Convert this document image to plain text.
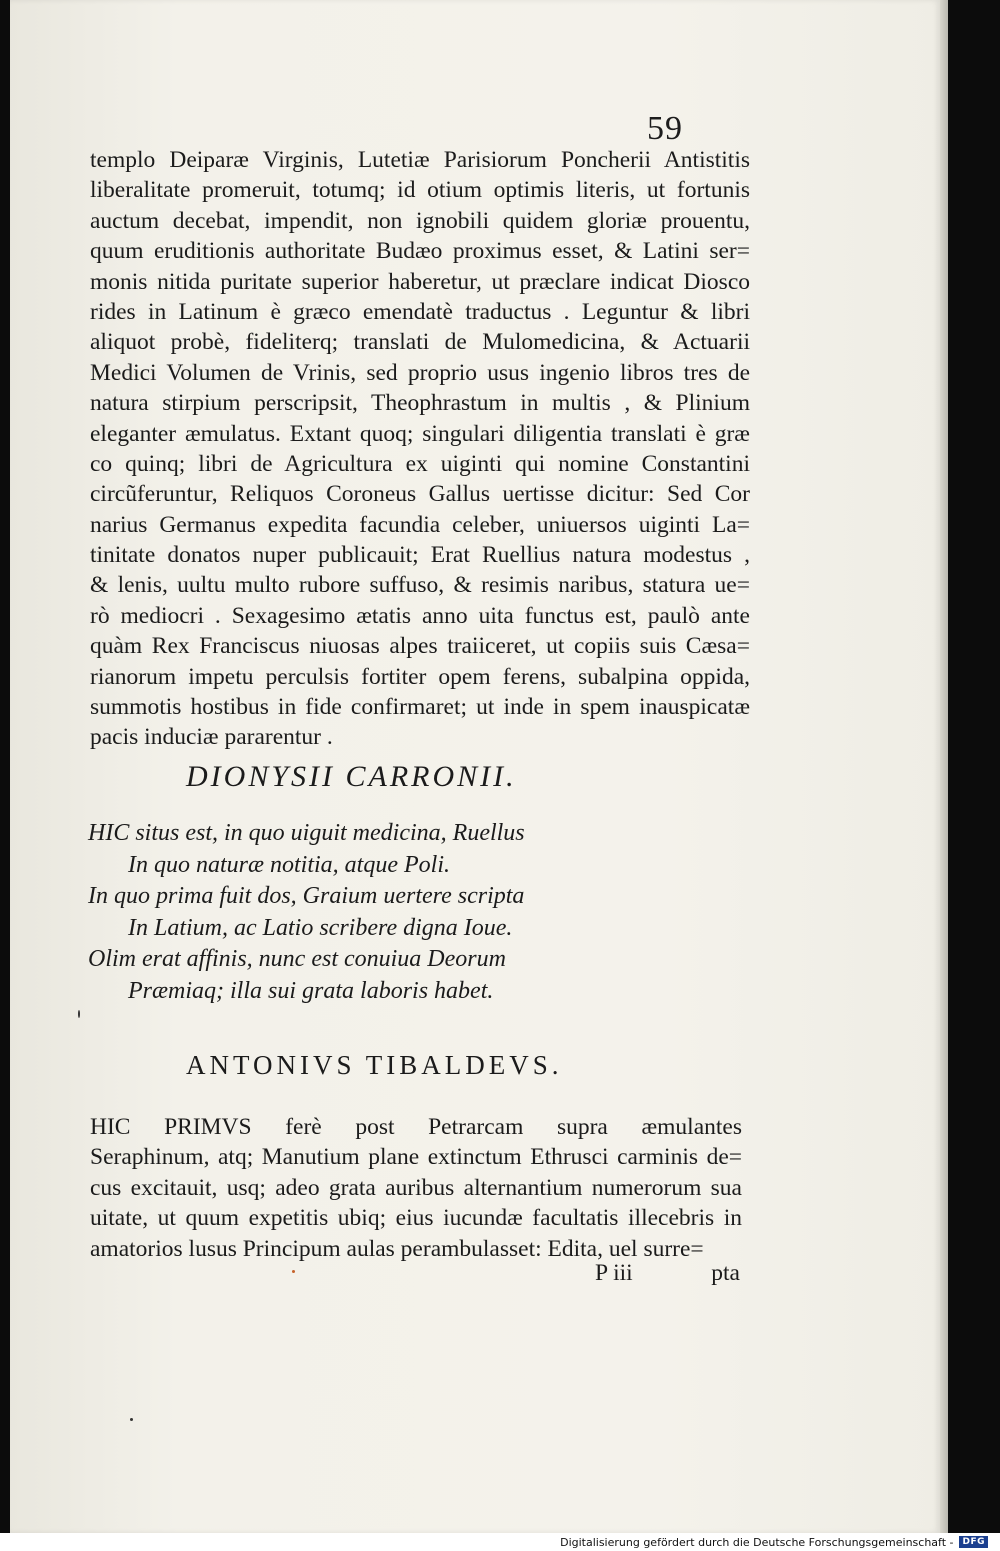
59
templo Deiparæ Virginis, Lutetiæ Parisiorum Poncherii Antistitis
liberalitate promeruit, totumq; id otium optimis literis, ut fortunis
auctum decebat, impendit, non ignobili quidem gloriæ prouentu,
quum eruditionis authoritate Budæo proximus esset, & Latini ser=
monis nitida puritate superior haberetur, ut præclare indicat Diosco
rides in Latinum è græco emendatè traductus . Leguntur & libri
aliquot probè, fideliterq; translati de Mulomedicina, & Actuarii
Medici Volumen de Vrinis, sed proprio usus ingenio libros tres de
natura stirpium perscripsit, Theophrastum in multis , & Plinium
eleganter æmulatus. Extant quoq; singulari diligentia translati è græ
co quinq; libri de Agricultura ex uiginti qui nomine Constantini
circũferuntur, Reliquos Coroneus Gallus uertisse dicitur: Sed Cor
narius Germanus expedita facundia celeber, uniuersos uiginti La=
tinitate donatos nuper publicauit; Erat Ruellius natura modestus ,
& lenis, uultu multo rubore suffuso, & resimis naribus, statura ue=
rò mediocri . Sexagesimo ætatis anno uita functus est, paulò ante
quàm Rex Franciscus niuosas alpes traiiceret, ut copiis suis Cæsa=
rianorum impetu perculsis fortiter opem ferens, subalpina oppida,
summotis hostibus in fide confirmaret; ut inde in spem inauspicatæ
pacis induciæ pararentur .
DIONYSII CARRONII.
HIC situs est, in quo uiguit medicina, Ruellus
In quo naturæ notitia, atque Poli.
In quo prima fuit dos, Graium uertere scripta
In Latium, ac Latio scribere digna Ioue.
Olim erat affinis, nunc est conuiua Deorum
Præmiaq; illa sui grata laboris habet.
ANTONIVS TIBALDEVS.
HIC PRIMVS ferè post Petrarcam supra æmulantes
Seraphinum, atq; Manutium plane extinctum Ethrusci carminis de=
cus excitauit, usq; adeo grata auribus alternantium numerorum sua
uitate, ut quum expetitis ubiq; eius iucundæ facultatis illecebris in
amatorios lusus Principum aulas perambulasset: Edita, uel surre=
P iii	pta
Digitalisierung gefördert durch die Deutsche Forschungsgemeinschaft -	DFG
